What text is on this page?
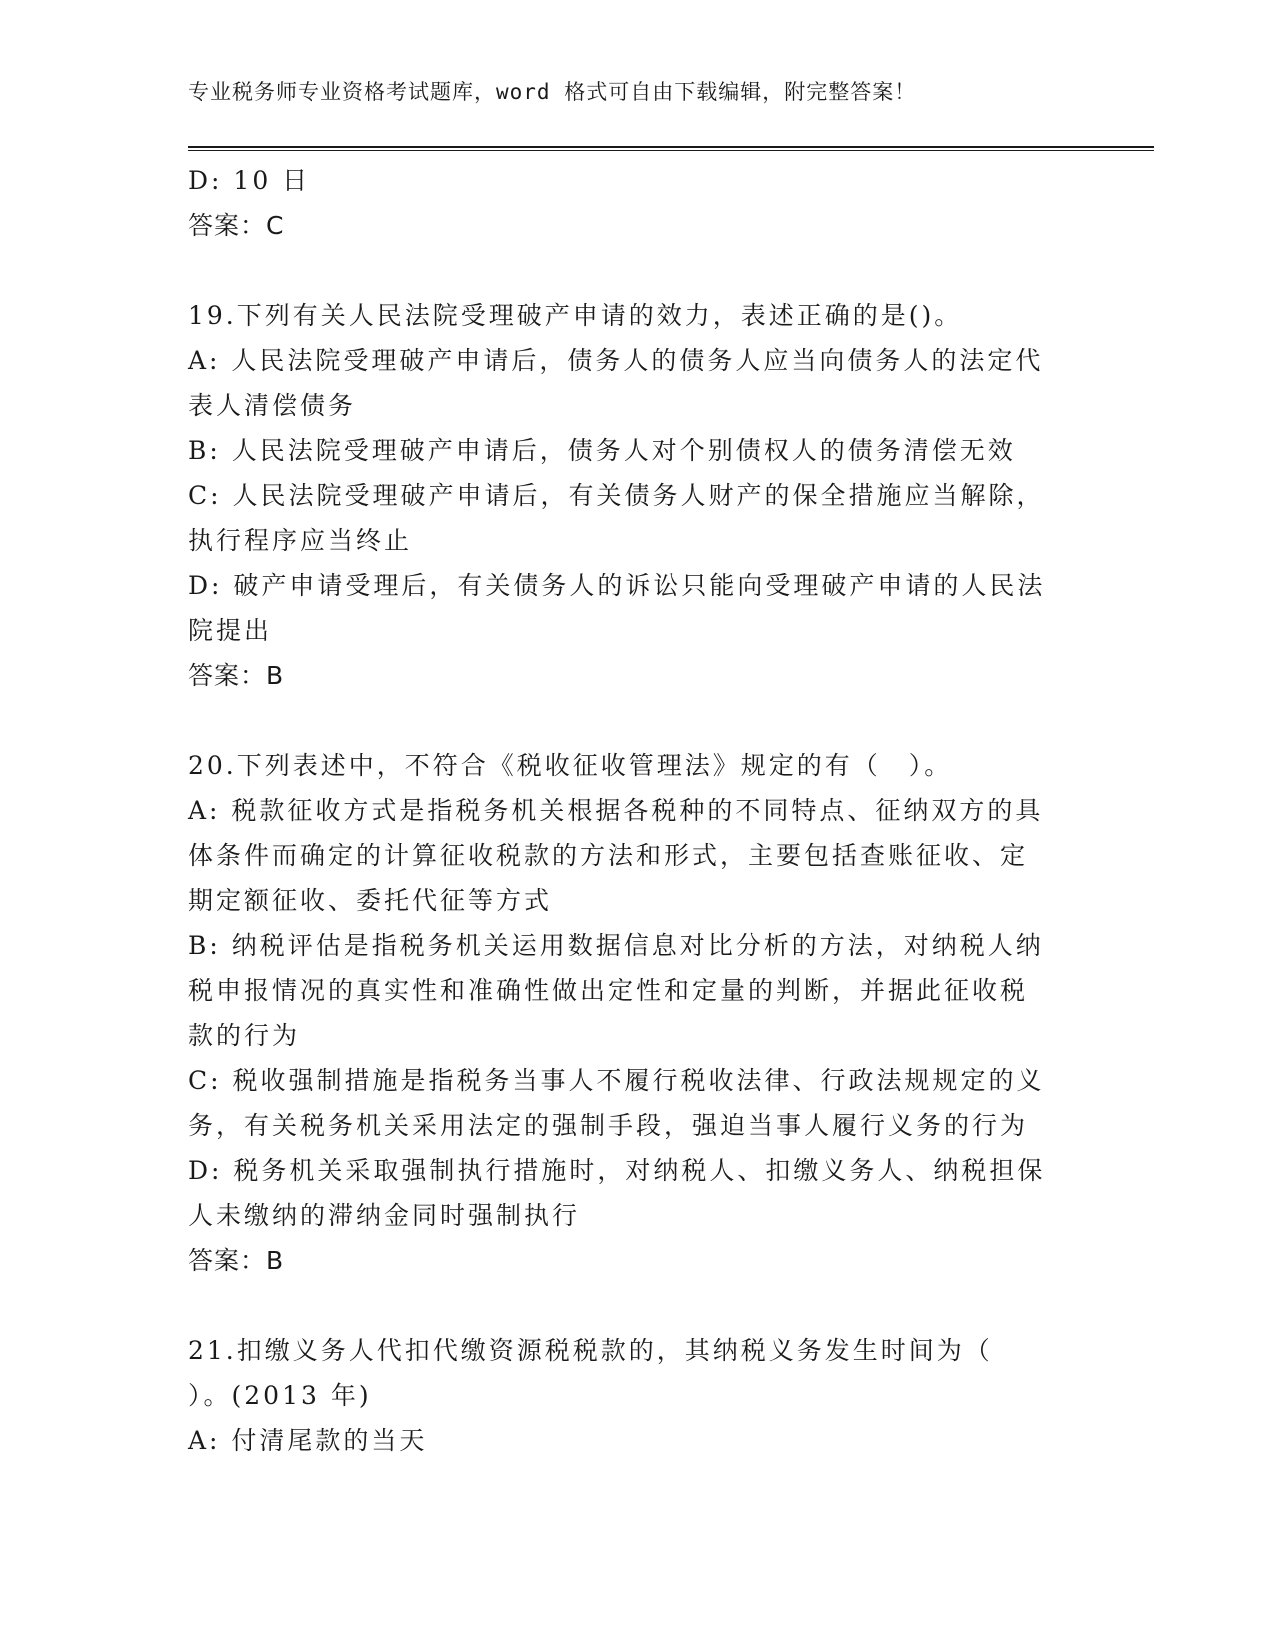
专业税务师专业资格考试题库，word 格式可自由下载编辑，附完整答案！

D: 10 日

答案：C

19.下列有关人民法院受理破产申请的效力，表述正确的是()。

A: 人民法院受理破产申请后，债务人的债务人应当向债务人的法定代

表人清偿债务

B: 人民法院受理破产申请后，债务人对个别债权人的债务清偿无效

C: 人民法院受理破产申请后，有关债务人财产的保全措施应当解除，

执行程序应当终止

D: 破产申请受理后，有关债务人的诉讼只能向受理破产申请的人民法

院提出

答案：B

20.下列表述中，不符合《税收征收管理法》规定的有（　）。

A: 税款征收方式是指税务机关根据各税种的不同特点、征纳双方的具

体条件而确定的计算征收税款的方法和形式，主要包括查账征收、定

期定额征收、委托代征等方式

B: 纳税评估是指税务机关运用数据信息对比分析的方法，对纳税人纳

税申报情况的真实性和准确性做出定性和定量的判断，并据此征收税

款的行为

C: 税收强制措施是指税务当事人不履行税收法律、行政法规规定的义

务，有关税务机关采用法定的强制手段，强迫当事人履行义务的行为

D: 税务机关采取强制执行措施时，对纳税人、扣缴义务人、纳税担保

人未缴纳的滞纳金同时强制执行

答案：B

21.扣缴义务人代扣代缴资源税税款的，其纳税义务发生时间为（

）。(2013 年)

A: 付清尾款的当天
